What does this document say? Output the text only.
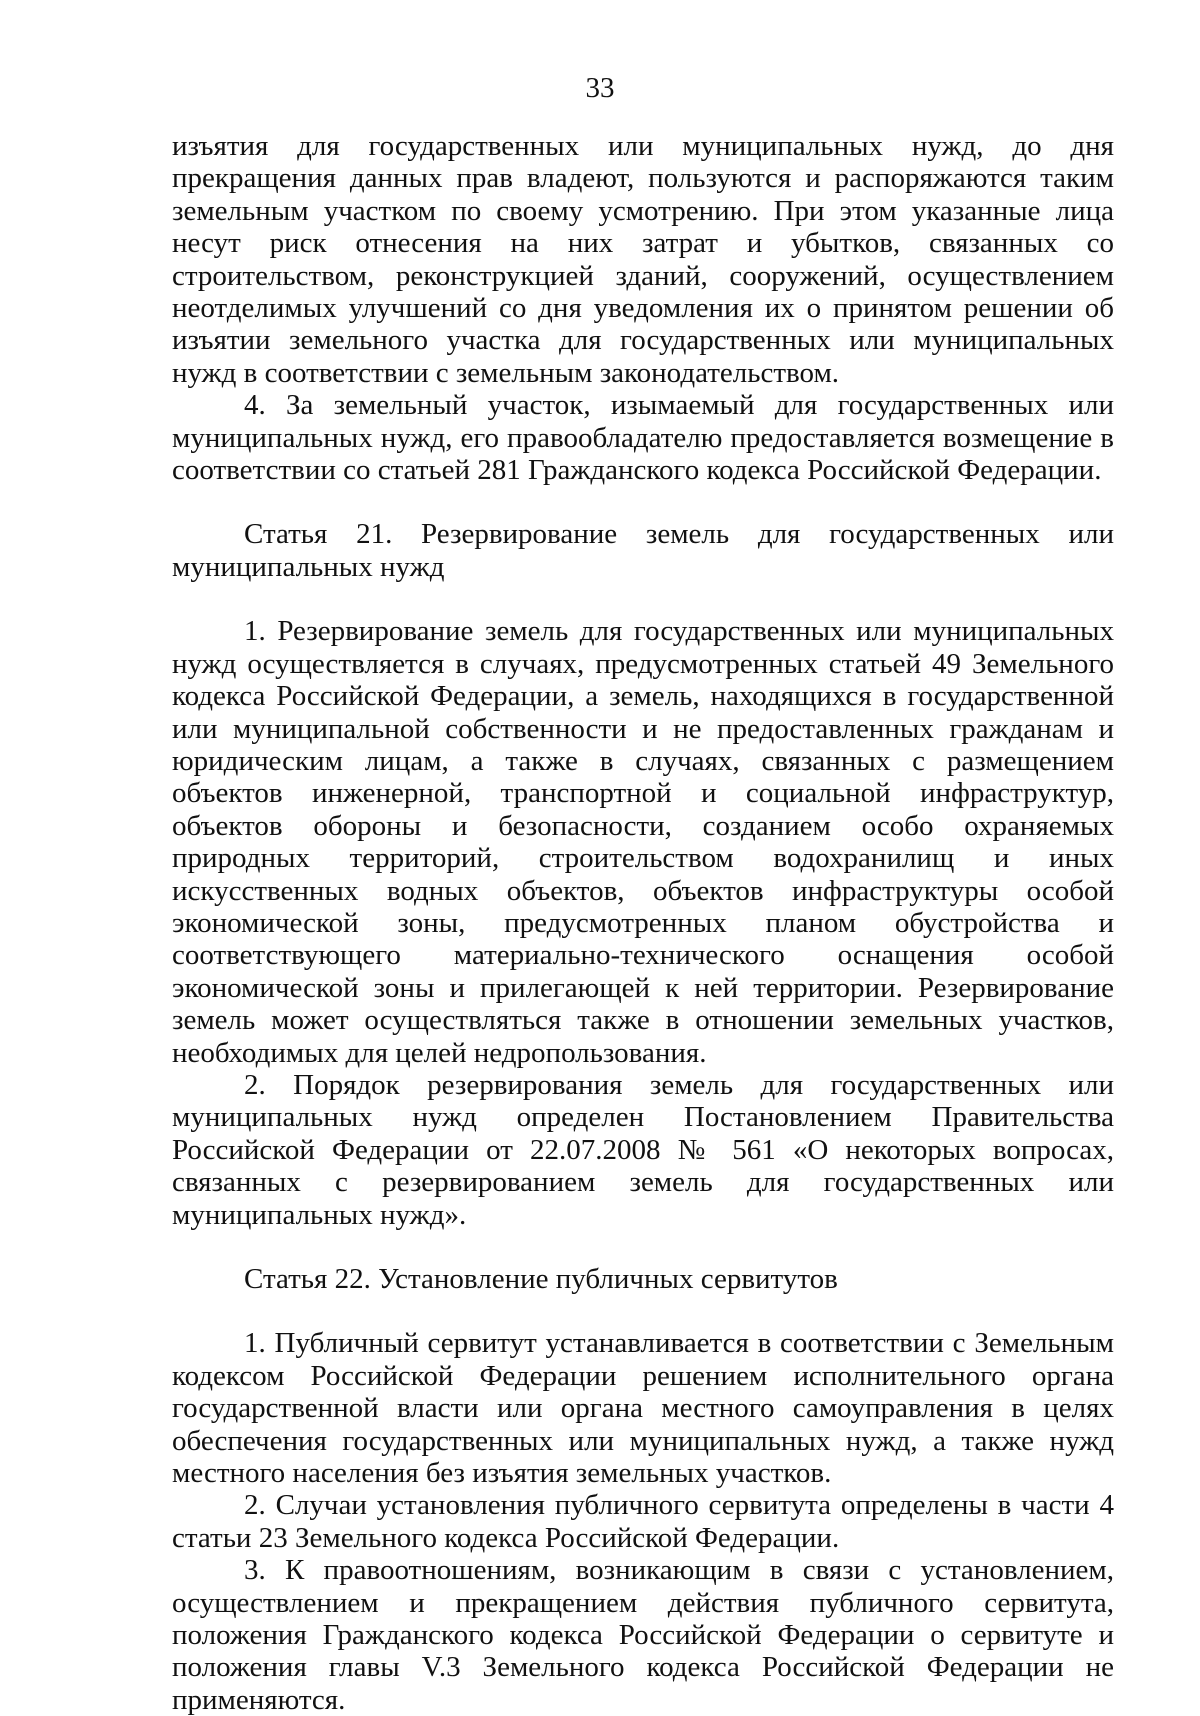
33

изъятия для государственных или муниципальных нужд, до дня прекращения данных прав владеют, пользуются и распоряжаются таким земельным участком по своему усмотрению. При этом указанные лица несут риск отнесения на них затрат и убытков, связанных со строительством, реконструкцией зданий, сооружений, осуществлением неотделимых улучшений со дня уведомления их о принятом решении об изъятии земельного участка для государственных или муниципальных нужд в соответствии с земельным законодательством.

4. За земельный участок, изымаемый для государственных или муниципальных нужд, его правообладателю предоставляется возмещение в соответствии со статьей 281 Гражданского кодекса Российской Федерации.

Статья 21. Резервирование земель для государственных или муниципальных нужд

1. Резервирование земель для государственных или муниципальных нужд осуществляется в случаях, предусмотренных статьей 49 Земельного кодекса Российской Федерации, а земель, находящихся в государственной или муниципальной собственности и не предоставленных гражданам и юридическим лицам, а также в случаях, связанных с размещением объектов инженерной, транспортной и социальной инфраструктур, объектов обороны и безопасности, созданием особо охраняемых природных территорий, строительством водохранилищ и иных искусственных водных объектов, объектов инфраструктуры особой экономической зоны, предусмотренных планом обустройства и соответствующего материально-технического оснащения особой экономической зоны и прилегающей к ней территории. Резервирование земель может осуществляться также в отношении земельных участков, необходимых для целей недропользования.

2. Порядок резервирования земель для государственных или муниципальных нужд определен Постановлением Правительства Российской Федерации от 22.07.2008 № 561 «О некоторых вопросах, связанных с резервированием земель для государственных или муниципальных нужд».

Статья 22. Установление публичных сервитутов

1. Публичный сервитут устанавливается в соответствии с Земельным кодексом Российской Федерации решением исполнительного органа государственной власти или органа местного самоуправления в целях обеспечения государственных или муниципальных нужд, а также нужд местного населения без изъятия земельных участков.

2. Случаи установления публичного сервитута определены в части 4 статьи 23 Земельного кодекса Российской Федерации.

3. К правоотношениям, возникающим в связи с установлением, осуществлением и прекращением действия публичного сервитута, положения Гражданского кодекса Российской Федерации о сервитуте и положения главы V.3 Земельного кодекса Российской Федерации не применяются.
